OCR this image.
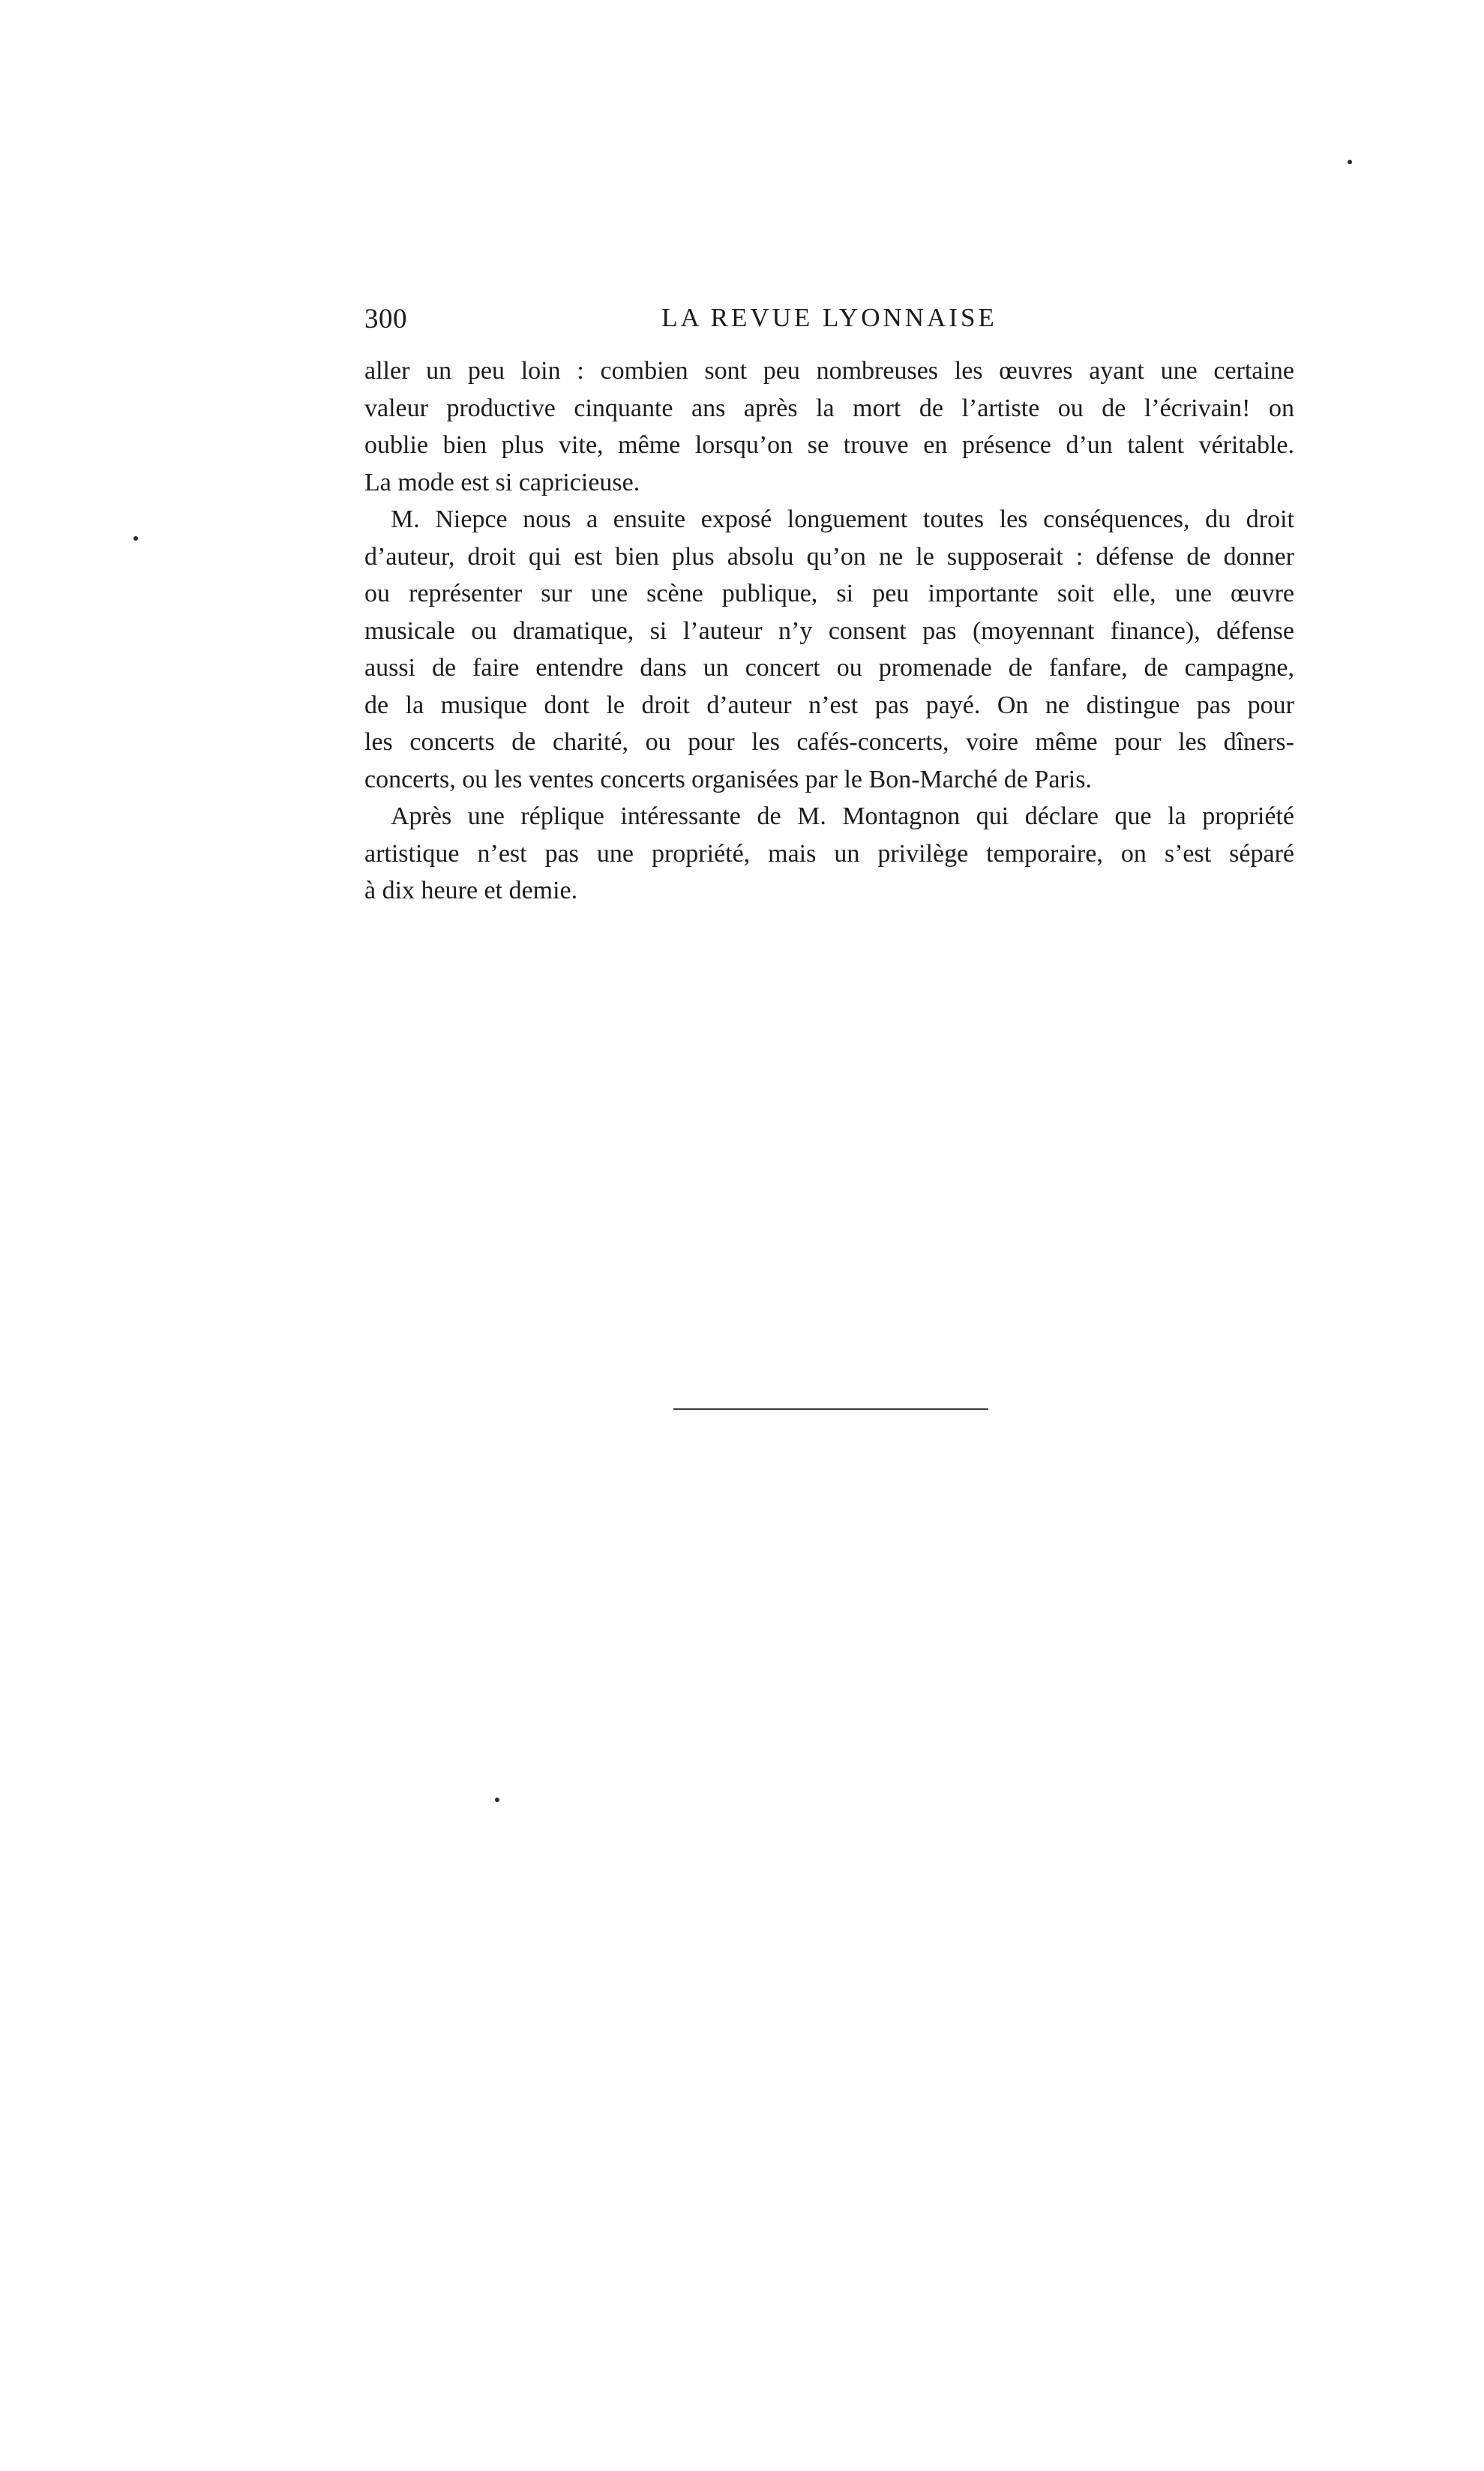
300	LA REVUE LYONNAISE
aller un peu loin : combien sont peu nombreuses les œuvres ayant une certaine
valeur productive cinquante ans après la mort de l’artiste ou de l’écrivain! on
oublie bien plus vite, même lorsqu’on se trouve en présence d’un talent véritable.
La mode est si capricieuse.
M. Niepce nous a ensuite exposé longuement toutes les conséquences, du droit
d’auteur, droit qui est bien plus absolu qu’on ne le supposerait : défense de donner
ou représenter sur une scène publique, si peu importante soit elle, une œuvre
musicale ou dramatique, si l’auteur n’y consent pas (moyennant finance), défense
aussi de faire entendre dans un concert ou promenade de fanfare, de campagne,
de la musique dont le droit d’auteur n’est pas payé. On ne distingue pas pour
les concerts de charité, ou pour les cafés-concerts, voire même pour les dîners-
concerts, ou les ventes concerts organisées par le Bon-Marché de Paris.
Après une réplique intéressante de M. Montagnon qui déclare que la propriété
artistique n’est pas une propriété, mais un privilège temporaire, on s’est séparé
à dix heure et demie.
